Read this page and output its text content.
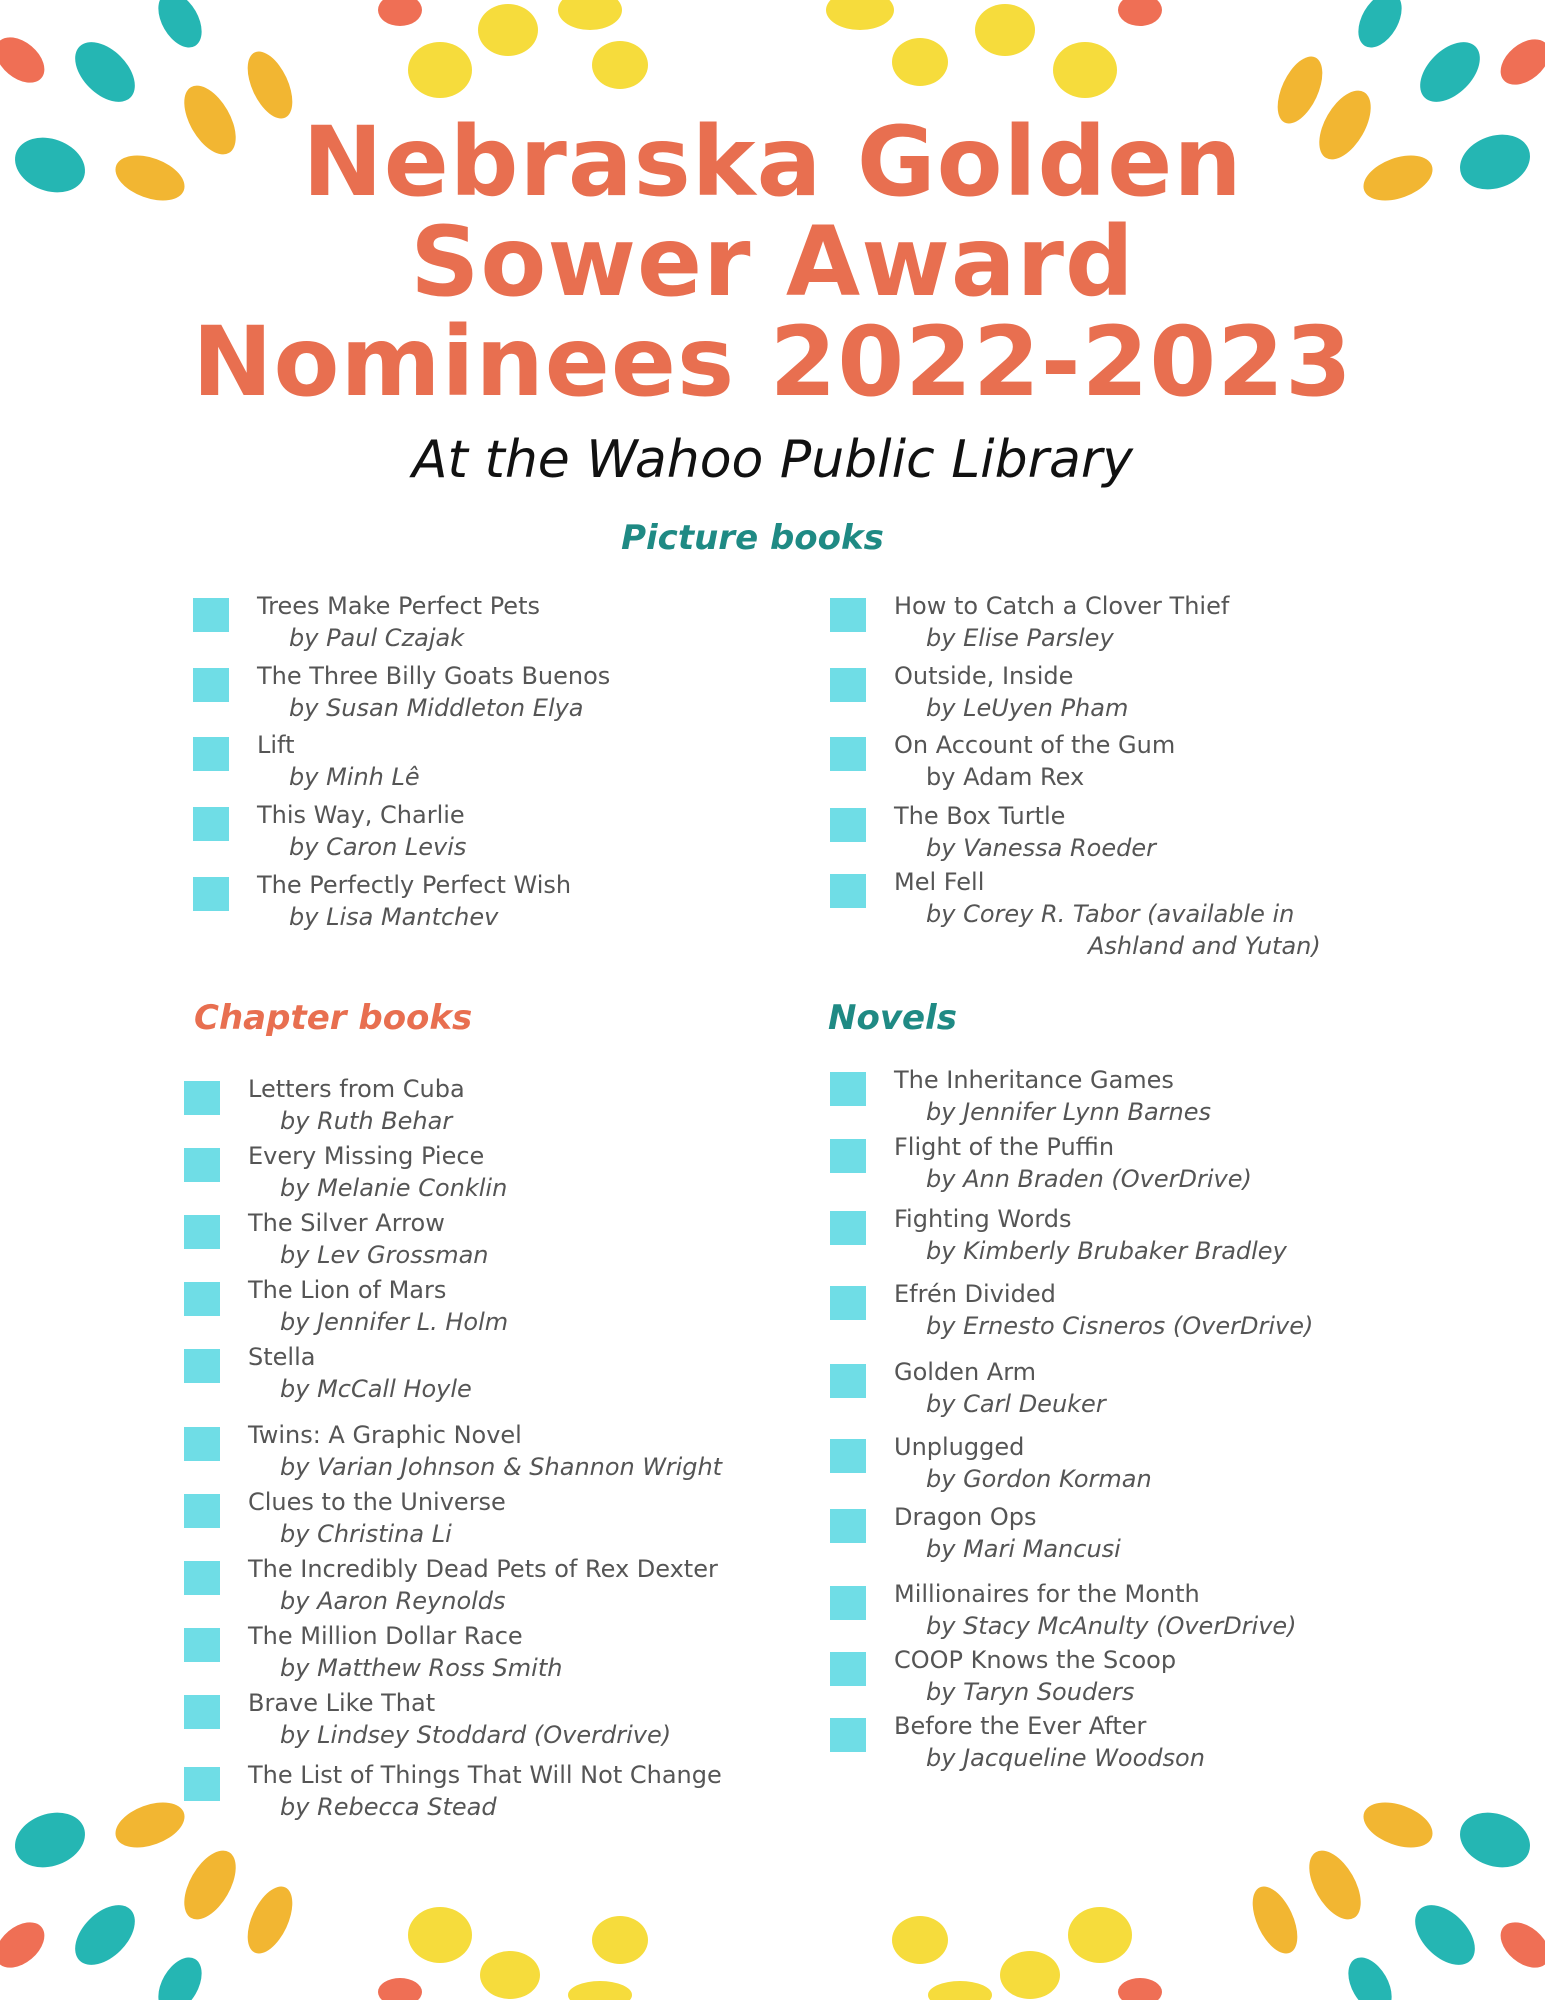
Nebraska Golden
Sower Award
Nominees 2022-2023
At the Wahoo Public Library
Picture books
Trees Make Perfect Pets
by Paul Czajak
The Three Billy Goats Buenos
by Susan Middleton Elya
Lift
by Minh Lê
This Way, Charlie
by Caron Levis
The Perfectly Perfect Wish
by Lisa Mantchev
How to Catch a Clover Thief
by Elise Parsley
Outside, Inside
by LeUyen Pham
On Account of the Gum
by Adam Rex
The Box Turtle
by Vanessa Roeder
Mel Fell
by Corey R. Tabor (available in
Ashland and Yutan)
Chapter books
Letters from Cuba
by Ruth Behar
Every Missing Piece
by Melanie Conklin
The Silver Arrow
by Lev Grossman
The Lion of Mars
by Jennifer L. Holm
Stella
by McCall Hoyle
Twins: A Graphic Novel
by Varian Johnson & Shannon Wright
Clues to the Universe
by Christina Li
The Incredibly Dead Pets of Rex Dexter
by Aaron Reynolds
The Million Dollar Race
by Matthew Ross Smith
Brave Like That
by Lindsey Stoddard (Overdrive)
The List of Things That Will Not Change
by Rebecca Stead
Novels
The Inheritance Games
by Jennifer Lynn Barnes
Flight of the Puffin
by Ann Braden (OverDrive)
Fighting Words
by Kimberly Brubaker Bradley
Efrén Divided
by Ernesto Cisneros (OverDrive)
Golden Arm
by Carl Deuker
Unplugged
by Gordon Korman
Dragon Ops
by Mari Mancusi
Millionaires for the Month
by Stacy McAnulty (OverDrive)
COOP Knows the Scoop
by Taryn Souders
Before the Ever After
by Jacqueline Woodson
